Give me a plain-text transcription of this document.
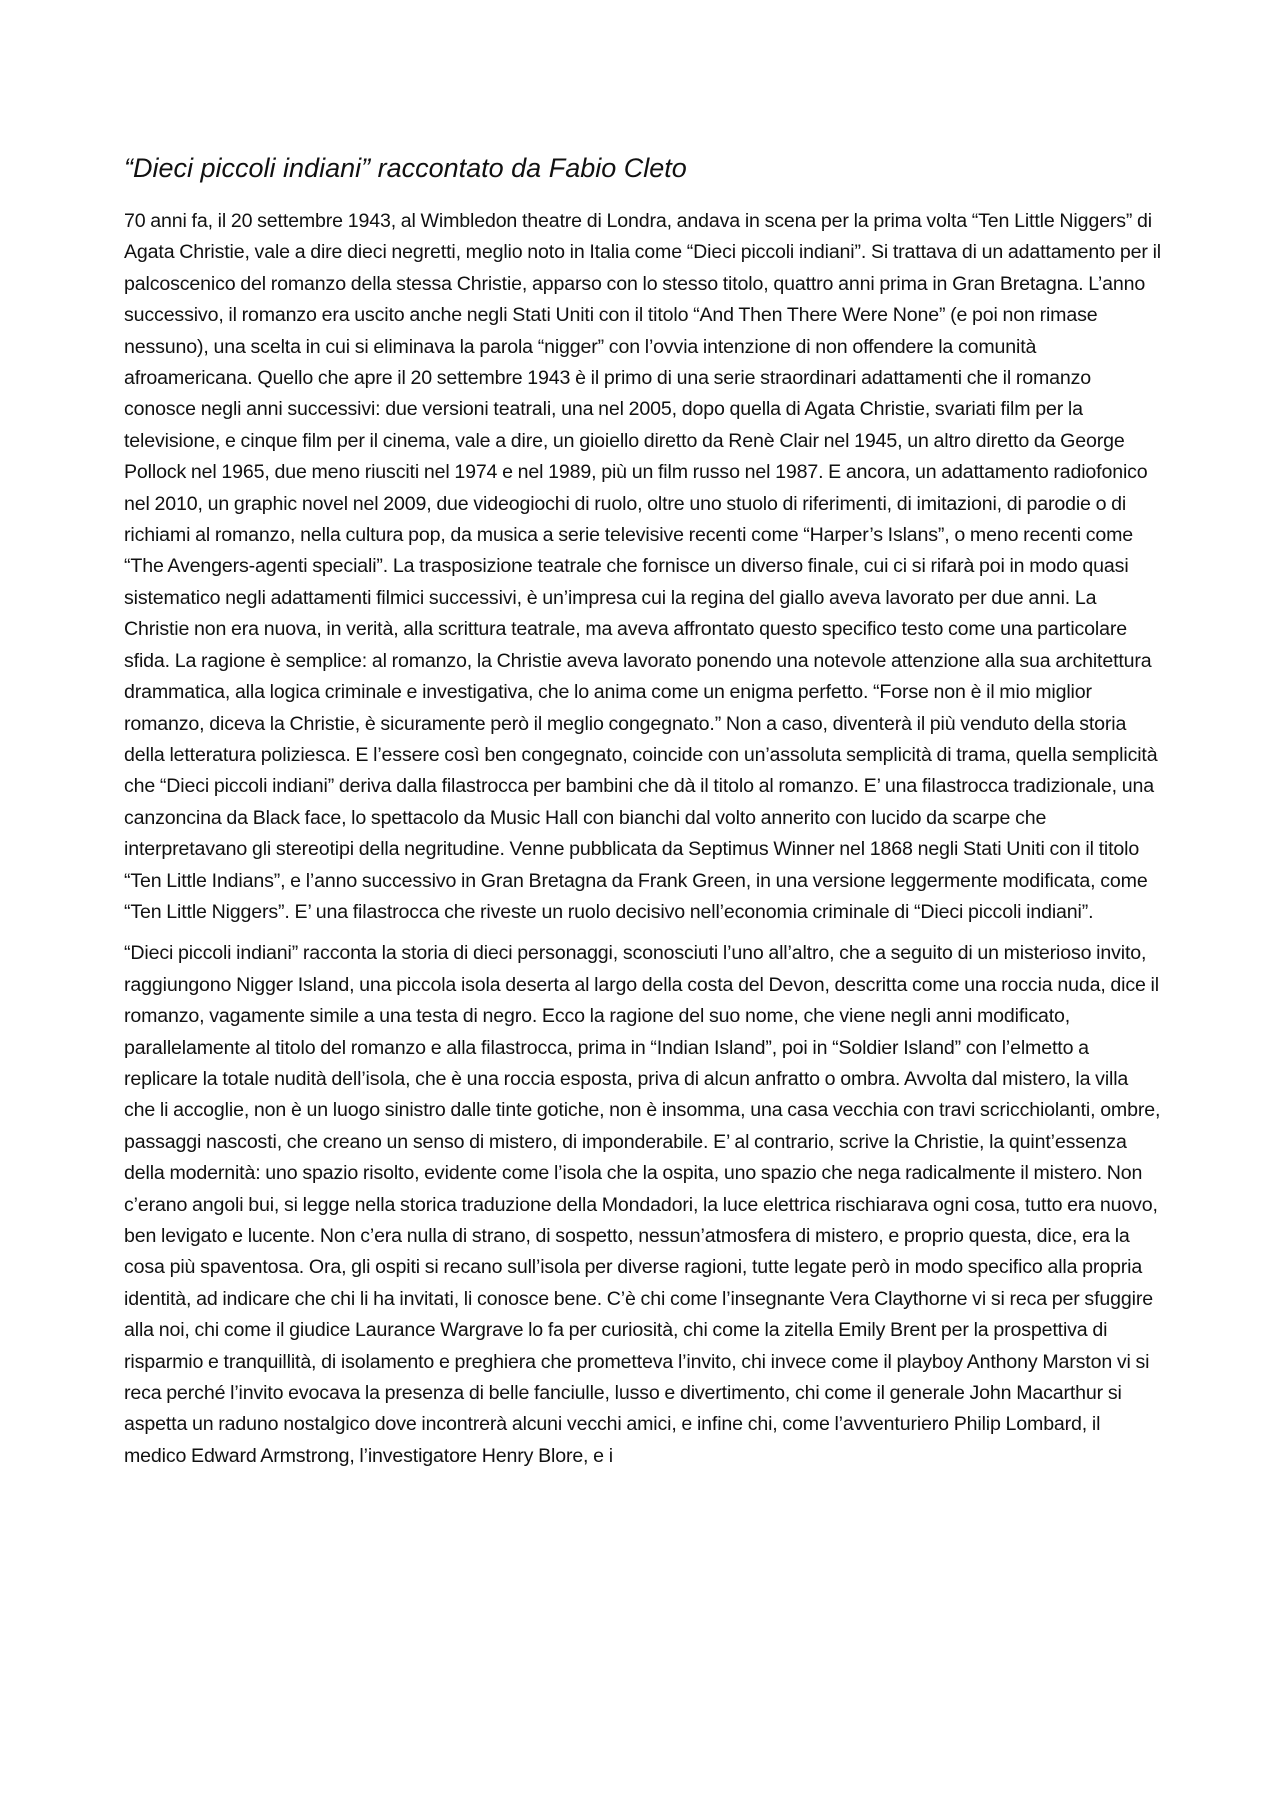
“Dieci piccoli indiani” raccontato da Fabio Cleto

70 anni fa, il 20 settembre 1943, al Wimbledon theatre di Londra, andava in scena per la prima volta “Ten Little Niggers” di Agata Christie, vale a dire dieci negretti, meglio noto in Italia come “Dieci piccoli indiani”. Si trattava di un adattamento per il palcoscenico del romanzo della stessa Christie, apparso con lo stesso titolo, quattro anni prima in Gran Bretagna. L’anno successivo, il romanzo era uscito anche negli Stati Uniti con il titolo “And Then There Were None” (e poi non rimase nessuno), una scelta in cui si eliminava la parola “nigger” con l’ovvia intenzione di non offendere la comunità afroamericana. Quello che apre il 20 settembre 1943 è il primo di una serie straordinari adattamenti che il romanzo conosce negli anni successivi: due versioni teatrali, una nel 2005, dopo quella di Agata Christie, svariati film per la televisione, e cinque film per il cinema, vale a dire, un gioiello diretto da Renè Clair nel 1945, un altro diretto da George Pollock nel 1965, due meno riusciti nel 1974 e nel 1989, più un film russo nel 1987. E ancora, un adattamento radiofonico nel 2010, un graphic novel nel 2009, due videogiochi di ruolo, oltre uno stuolo di riferimenti, di imitazioni, di parodie o di richiami al romanzo, nella cultura pop, da musica a serie televisive recenti come “Harper’s Islans”, o meno recenti come “The Avengers-agenti speciali”. La trasposizione teatrale che fornisce un diverso finale, cui ci si rifarà poi in modo quasi sistematico negli adattamenti filmici successivi, è un’impresa cui la regina del giallo aveva lavorato per due anni. La Christie non era nuova, in verità, alla scrittura teatrale, ma aveva affrontato questo specifico testo come una particolare sfida. La ragione è semplice: al romanzo, la Christie aveva lavorato ponendo una notevole attenzione alla sua architettura drammatica, alla logica criminale e investigativa, che lo anima come un enigma perfetto. “Forse non è il mio miglior romanzo, diceva la Christie, è sicuramente però il meglio congegnato.” Non a caso, diventerà il più venduto della storia della letteratura poliziesca. E l’essere così ben congegnato, coincide con un’assoluta semplicità di trama, quella semplicità che “Dieci piccoli indiani” deriva dalla filastrocca per bambini che dà il titolo al romanzo. E’ una filastrocca tradizionale, una canzoncina da Black face, lo spettacolo da Music Hall con bianchi dal volto annerito con lucido da scarpe che interpretavano gli stereotipi della negritudine. Venne pubblicata da Septimus Winner nel 1868 negli Stati Uniti con il titolo “Ten Little Indians”, e l’anno successivo in Gran Bretagna da Frank Green, in una versione leggermente modificata, come “Ten Little Niggers”. E’ una filastrocca che riveste un ruolo decisivo nell’economia criminale di “Dieci piccoli indiani”.

“Dieci piccoli indiani” racconta la storia di dieci personaggi, sconosciuti l’uno all’altro, che a seguito di un misterioso invito, raggiungono Nigger Island, una piccola isola deserta al largo della costa del Devon, descritta come una roccia nuda, dice il romanzo, vagamente simile a una testa di negro. Ecco la ragione del suo nome, che viene negli anni modificato, parallelamente al titolo del romanzo e alla filastrocca, prima in “Indian Island”, poi in “Soldier Island” con l’elmetto a replicare la totale nudità dell’isola, che è una roccia esposta, priva di alcun anfratto o ombra. Avvolta dal mistero, la villa che li accoglie, non è un luogo sinistro dalle tinte gotiche, non è insomma, una casa vecchia con travi scricchiolanti, ombre, passaggi nascosti, che creano un senso di mistero, di imponderabile. E’ al contrario, scrive la Christie, la quint’essenza della modernità: uno spazio risolto, evidente come l’isola che la ospita, uno spazio che nega radicalmente il mistero. Non c’erano angoli bui, si legge nella storica traduzione della Mondadori, la luce elettrica rischiarava ogni cosa, tutto era nuovo, ben levigato e lucente. Non c’era nulla di strano, di sospetto, nessun’atmosfera di mistero, e proprio questa, dice, era la cosa più spaventosa. Ora, gli ospiti si recano sull’isola per diverse ragioni, tutte legate però in modo specifico alla propria identità, ad indicare che chi li ha invitati, li conosce bene. C’è chi come l’insegnante Vera Claythorne vi si reca per sfuggire alla noi, chi come il giudice Laurance Wargrave lo fa per curiosità, chi come la zitella Emily Brent per la prospettiva di risparmio e tranquillità, di isolamento e preghiera che prometteva l’invito, chi invece come il playboy Anthony Marston vi si reca perché l’invito evocava la presenza di belle fanciulle, lusso e divertimento, chi come il generale John Macarthur si aspetta un raduno nostalgico dove incontrerà alcuni vecchi amici, e infine chi, come l’avventuriero Philip Lombard, il medico Edward Armstrong, l’investigatore Henry Blore, e i
